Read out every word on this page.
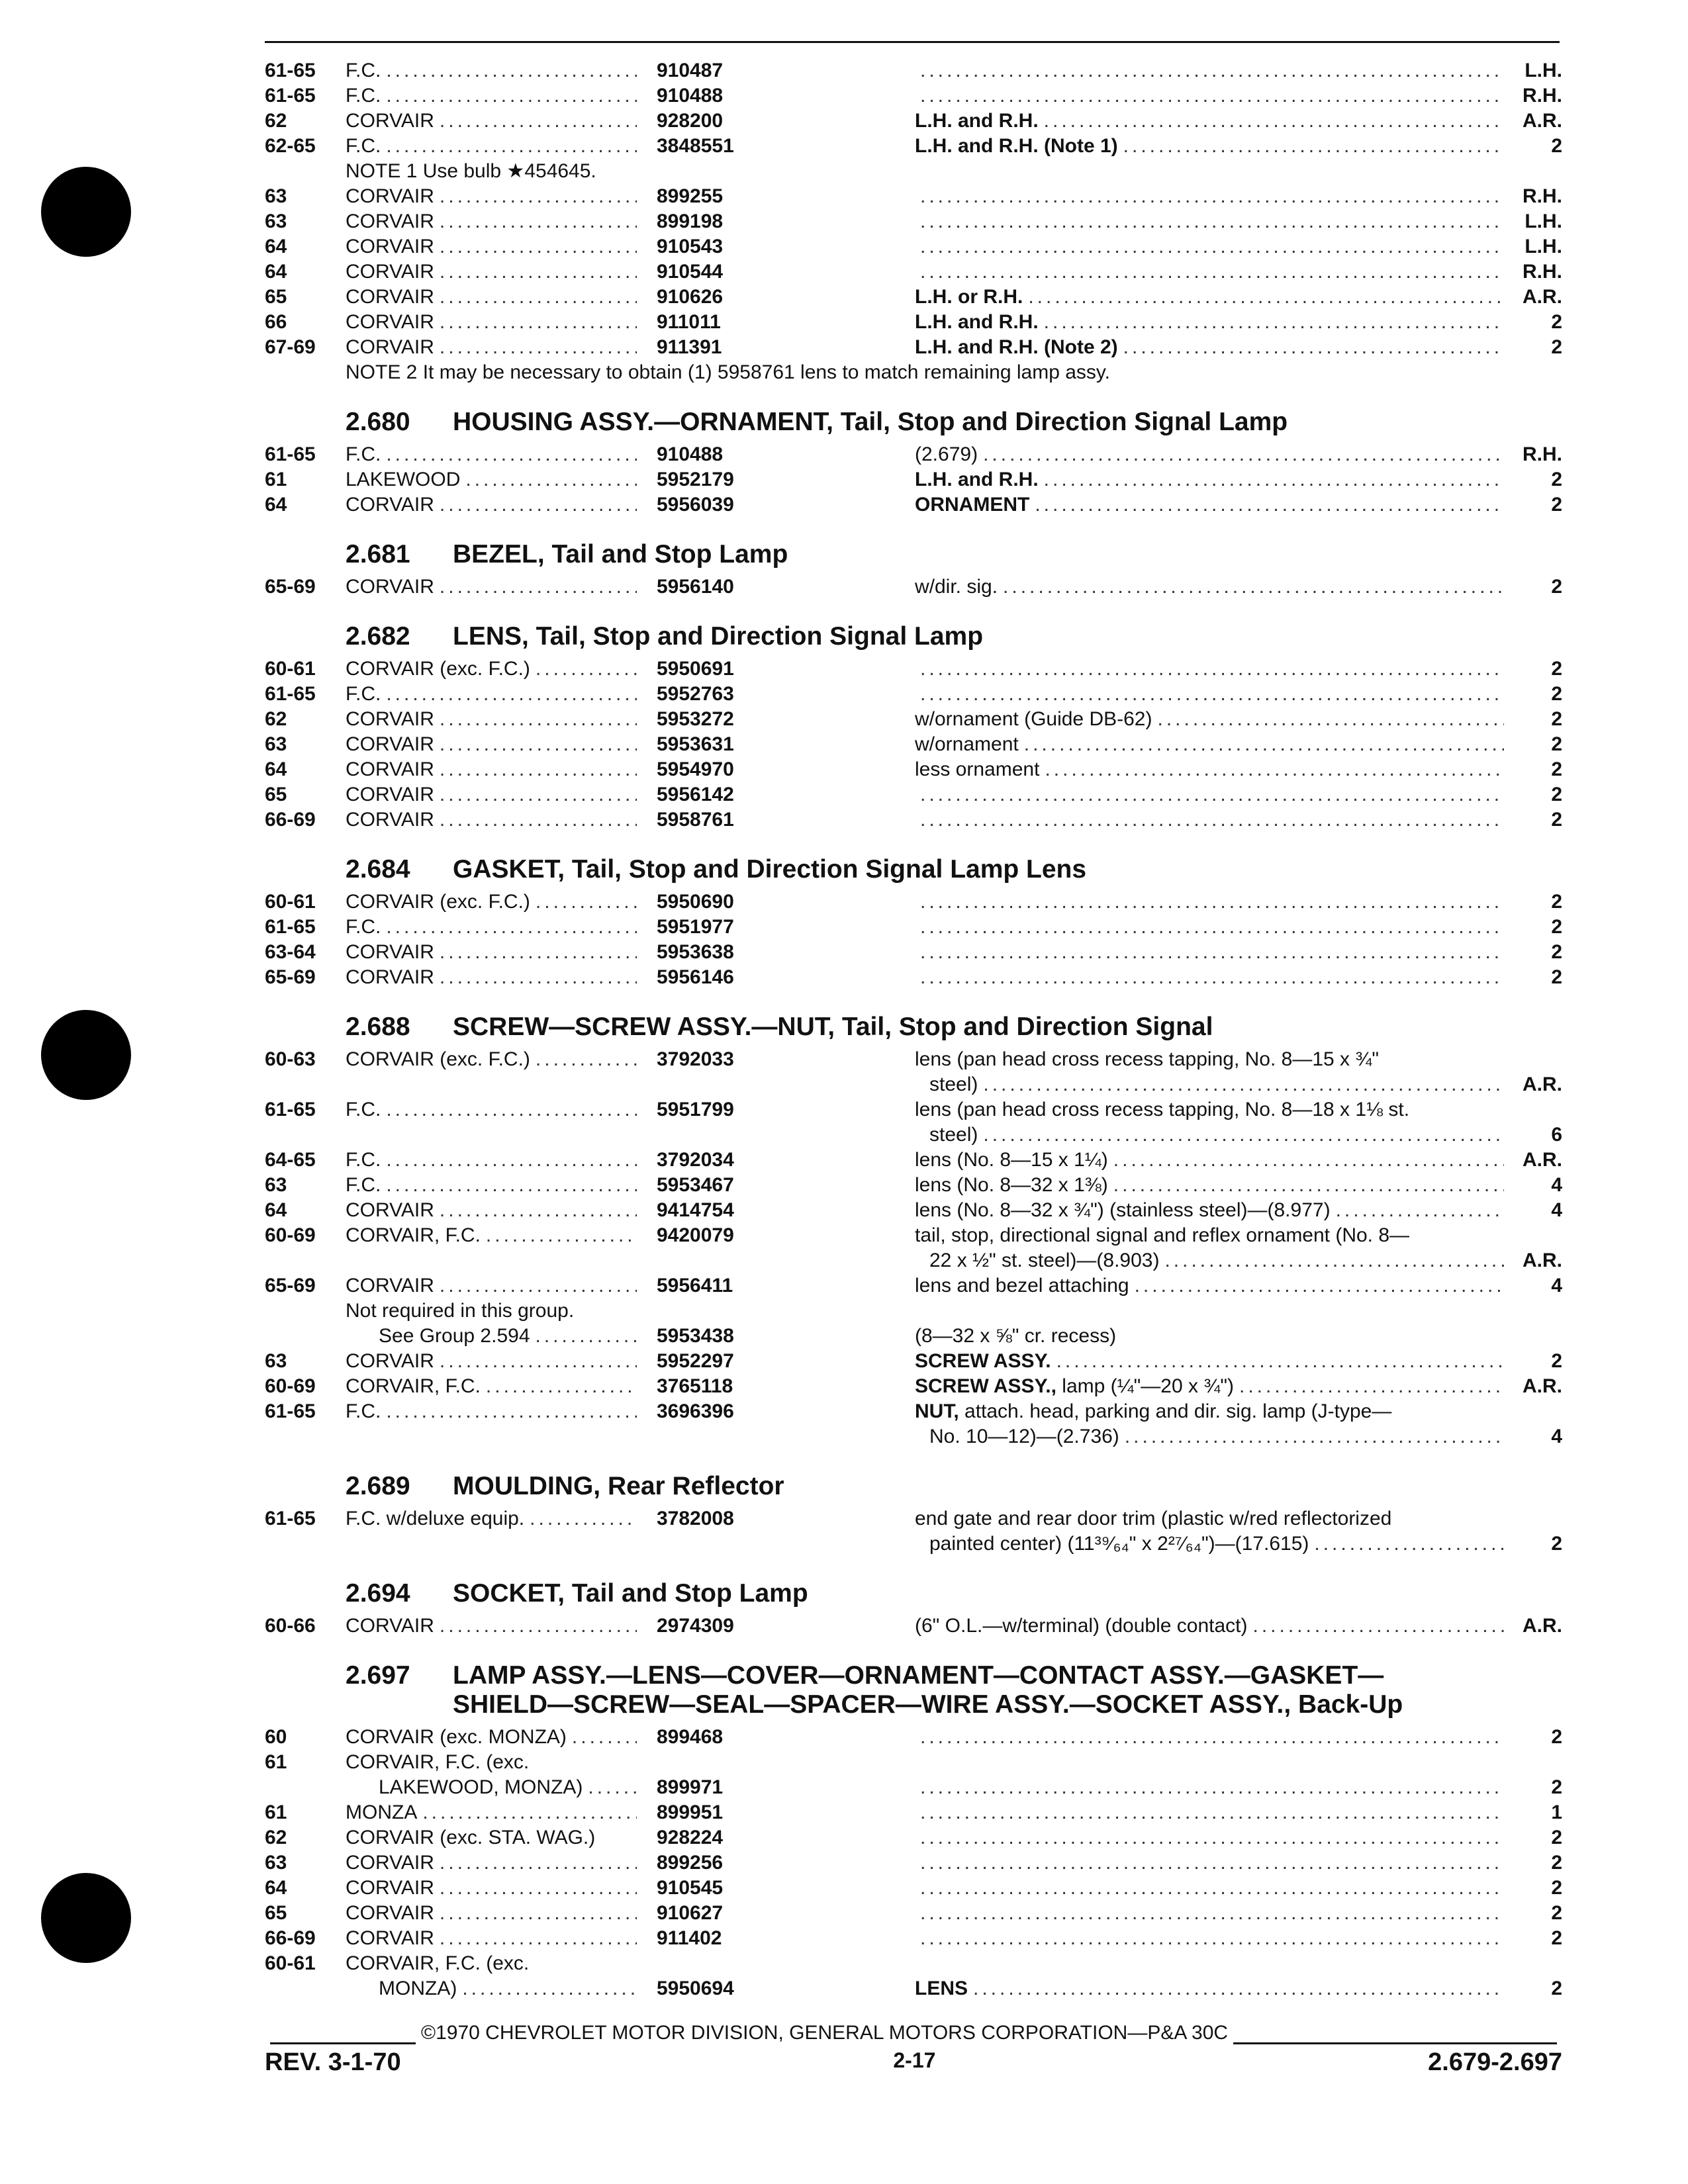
61-65	F.C. .....	910487 .....	L.H.
61-65	F.C. .....	910488 .....	R.H.
62	CORVAIR .....	928200	L.H. and R.H. .....	A.R.
62-65	F.C. .....	3848551	L.H. and R.H. (Note 1) .....	2
NOTE 1 Use bulb ★454645.
63	CORVAIR .....	899255 .....	R.H.
63	CORVAIR .....	899198 .....	L.H.
64	CORVAIR .....	910543 .....	L.H.
64	CORVAIR .....	910544 .....	R.H.
65	CORVAIR .....	910626	L.H. or R.H. .....	A.R.
66	CORVAIR .....	911011	L.H. and R.H. .....	2
67-69	CORVAIR .....	911391	L.H. and R.H. (Note 2) .....	2
NOTE 2 It may be necessary to obtain (1) 5958761 lens to match remaining lamp assy.
2.680	HOUSING ASSY.—ORNAMENT, Tail, Stop and Direction Signal Lamp
61-65	F.C. .....	910488	(2.679) .....	R.H.
61	LAKEWOOD .....	5952179	L.H. and R.H. .....	2
64	CORVAIR .....	5956039	ORNAMENT .....	2
2.681	BEZEL, Tail and Stop Lamp
65-69	CORVAIR .....	5956140	w/dir. sig. .....	2
2.682	LENS, Tail, Stop and Direction Signal Lamp
60-61	CORVAIR (exc. F.C.) .....	5950691 .....	2
61-65	F.C. .....	5952763 .....	2
62	CORVAIR .....	5953272	w/ornament (Guide DB-62) .....	2
63	CORVAIR .....	5953631	w/ornament .....	2
64	CORVAIR .....	5954970	less ornament .....	2
65	CORVAIR .....	5956142 .....	2
66-69	CORVAIR .....	5958761 .....	2
2.684	GASKET, Tail, Stop and Direction Signal Lamp Lens
60-61	CORVAIR (exc. F.C.) .....	5950690 .....	2
61-65	F.C. .....	5951977 .....	2
63-64	CORVAIR .....	5953638 .....	2
65-69	CORVAIR .....	5956146 .....	2
2.688	SCREW—SCREW ASSY.—NUT, Tail, Stop and Direction Signal
60-63	CORVAIR (exc. F.C.) .....	3792033	lens (pan head cross recess tapping, No. 8—15 x ¾"
steel) .....	A.R.
61-65	F.C. .....	5951799	lens (pan head cross recess tapping, No. 8—18 x 1⅛ st.
steel) .....	6
64-65	F.C. .....	3792034	lens (No. 8—15 x 1¼) .....	A.R.
63	F.C. .....	5953467	lens (No. 8—32 x 1⅜) .....	4
64	CORVAIR .....	9414754	lens (No. 8—32 x ¾") (stainless steel)—(8.977) .....	4
60-69	CORVAIR, F.C. .....	9420079	tail, stop, directional signal and reflex ornament (No. 8—
22 x ½" st. steel)—(8.903) .....	A.R.
65-69	CORVAIR .....	5956411	lens and bezel attaching .....	4
Not required in this group.
See Group 2.594 .....	5953438	(8—32 x ⅝" cr. recess)
63	CORVAIR .....	5952297	SCREW ASSY. .....	2
60-69	CORVAIR, F.C. .....	3765118	SCREW ASSY., lamp (¼"—20 x ¾") .....	A.R.
61-65	F.C. .....	3696396	NUT, attach. head, parking and dir. sig. lamp (J-type—
No. 10—12)—(2.736) .....	4
2.689	MOULDING, Rear Reflector
61-65	F.C. w/deluxe equip. .....	3782008	end gate and rear door trim (plastic w/red reflectorized
painted center) (11³⁹⁄₆₄" x 2²⁷⁄₆₄")—(17.615) .....	2
2.694	SOCKET, Tail and Stop Lamp
60-66	CORVAIR .....	2974309	(6" O.L.—w/terminal) (double contact) .....	A.R.
2.697	LAMP ASSY.—LENS—COVER—ORNAMENT—CONTACT ASSY.—GASKET—
SHIELD—SCREW—SEAL—SPACER—WIRE ASSY.—SOCKET ASSY., Back-Up
60	CORVAIR (exc. MONZA) .....	899468 .....	2
61	CORVAIR, F.C. (exc.
LAKEWOOD, MONZA) .....	899971 .....	2
61	MONZA .....	899951 .....	1
62	CORVAIR (exc. STA. WAG.)	928224 .....	2
63	CORVAIR .....	899256 .....	2
64	CORVAIR .....	910545 .....	2
65	CORVAIR .....	910627 .....	2
66-69	CORVAIR .....	911402 .....	2
60-61	CORVAIR, F.C. (exc.
MONZA) .....	5950694	LENS .....	2
©1970 CHEVROLET MOTOR DIVISION, GENERAL MOTORS CORPORATION—P&A 30C
REV. 3-1-70	2-17	2.679-2.697
